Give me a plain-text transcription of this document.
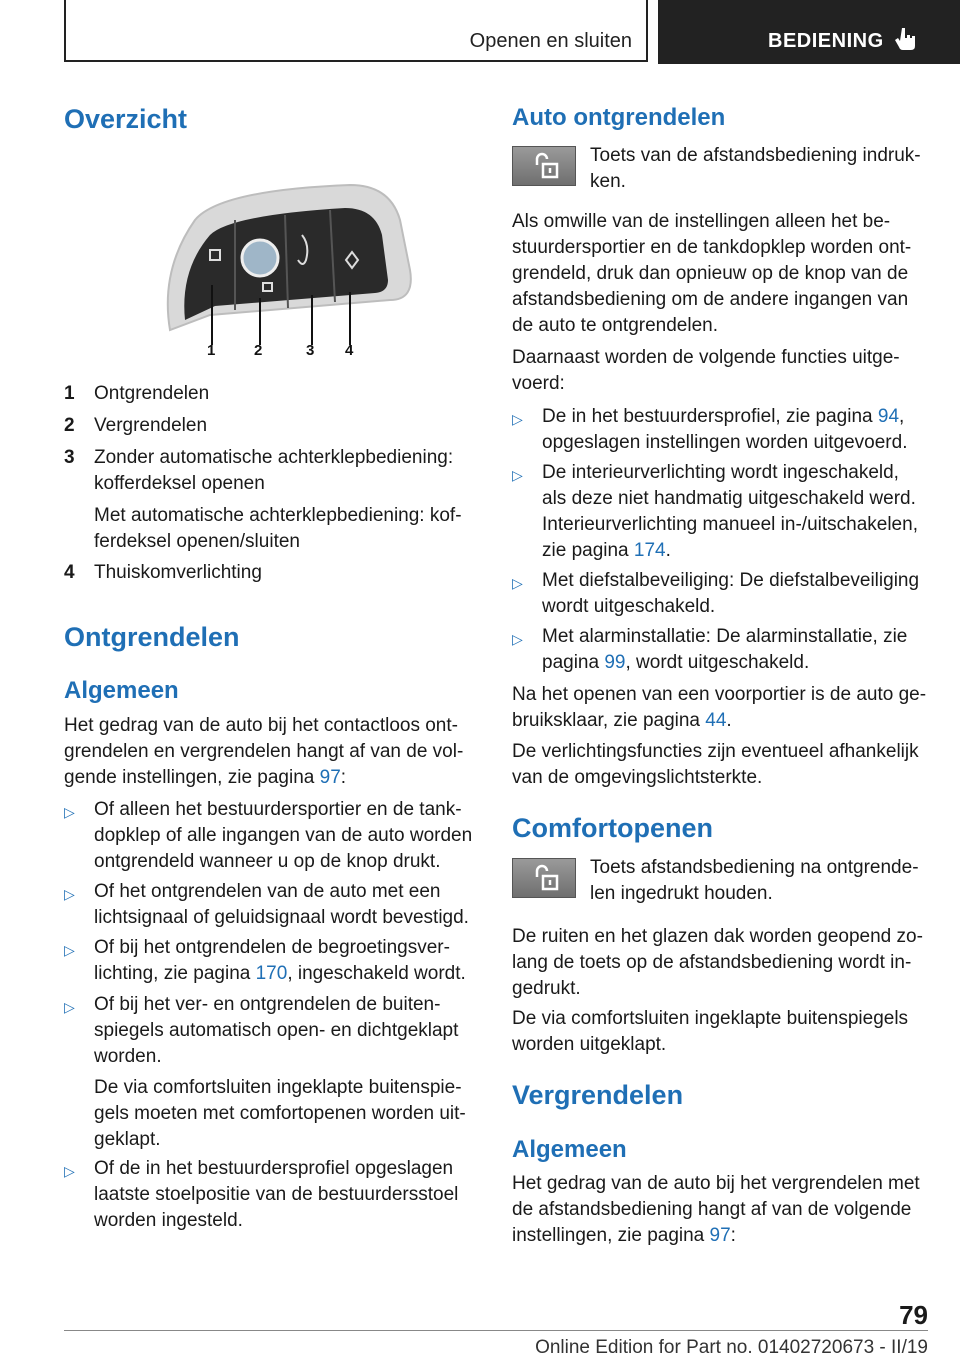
Openen en sluiten	BEDIENING
Overzicht
1	2	3 4
1 Ontgrendelen
2 Vergrendelen
3 Zonder automatische achterklepbediening:
kofferdeksel openen
Met automatische achterklepbediening: kof-
ferdeksel openen/sluiten
4 Thuiskomverlichting
Ontgrendelen
Algemeen
Het gedrag van de auto bij het contactloos ont-
grendelen en vergrendelen hangt af van de vol-
gende instellingen, zie pagina 97:
▷ Of alleen het bestuurdersportier en de tank-
dopklep of alle ingangen van de auto worden
ontgrendeld wanneer u op de knop drukt.
▷ Of het ontgrendelen van de auto met een
lichtsignaal of geluidsignaal wordt bevestigd.
▷ Of bij het ontgrendelen de begroetingsver-
lichting, zie pagina 170, ingeschakeld wordt.
▷ Of bij het ver- en ontgrendelen de buiten-
spiegels automatisch open- en dichtgeklapt
worden.
De via comfortsluiten ingeklapte buitenspie-
gels moeten met comfortopenen worden uit-
geklapt.
▷ Of de in het bestuurdersprofiel opgeslagen
laatste stoelpositie van de bestuurdersstoel
worden ingesteld.
Auto ontgrendelen
Toets van de afstandsbediening indruk-
ken.
Als omwille van de instellingen alleen het be-
stuurdersportier en de tankdopklep worden ont-
grendeld, druk dan opnieuw op de knop van de
afstandsbediening om de andere ingangen van
de auto te ontgrendelen.
Daarnaast worden de volgende functies uitge-
voerd:
▷ De in het bestuurdersprofiel, zie pagina 94,
opgeslagen instellingen worden uitgevoerd.
▷ De interieurverlichting wordt ingeschakeld,
als deze niet handmatig uitgeschakeld werd.
Interieurverlichting manueel in-/uitschakelen,
zie pagina 174.
▷ Met diefstalbeveiliging: De diefstalbeveiliging
wordt uitgeschakeld.
▷ Met alarminstallatie: De alarminstallatie, zie
pagina 99, wordt uitgeschakeld.
Na het openen van een voorportier is de auto ge-
bruiksklaar, zie pagina 44.
De verlichtingsfuncties zijn eventueel afhankelijk
van de omgevingslichtsterkte.
Comfortopenen
Toets afstandsbediening na ontgrende-
len ingedrukt houden.
De ruiten en het glazen dak worden geopend zo-
lang de toets op de afstandsbediening wordt in-
gedrukt.
De via comfortsluiten ingeklapte buitenspiegels
worden uitgeklapt.
Vergrendelen
Algemeen
Het gedrag van de auto bij het vergrendelen met
de afstandsbediening hangt af van de volgende
instellingen, zie pagina 97:
79
Online Edition for Part no. 01402720673 - II/19
